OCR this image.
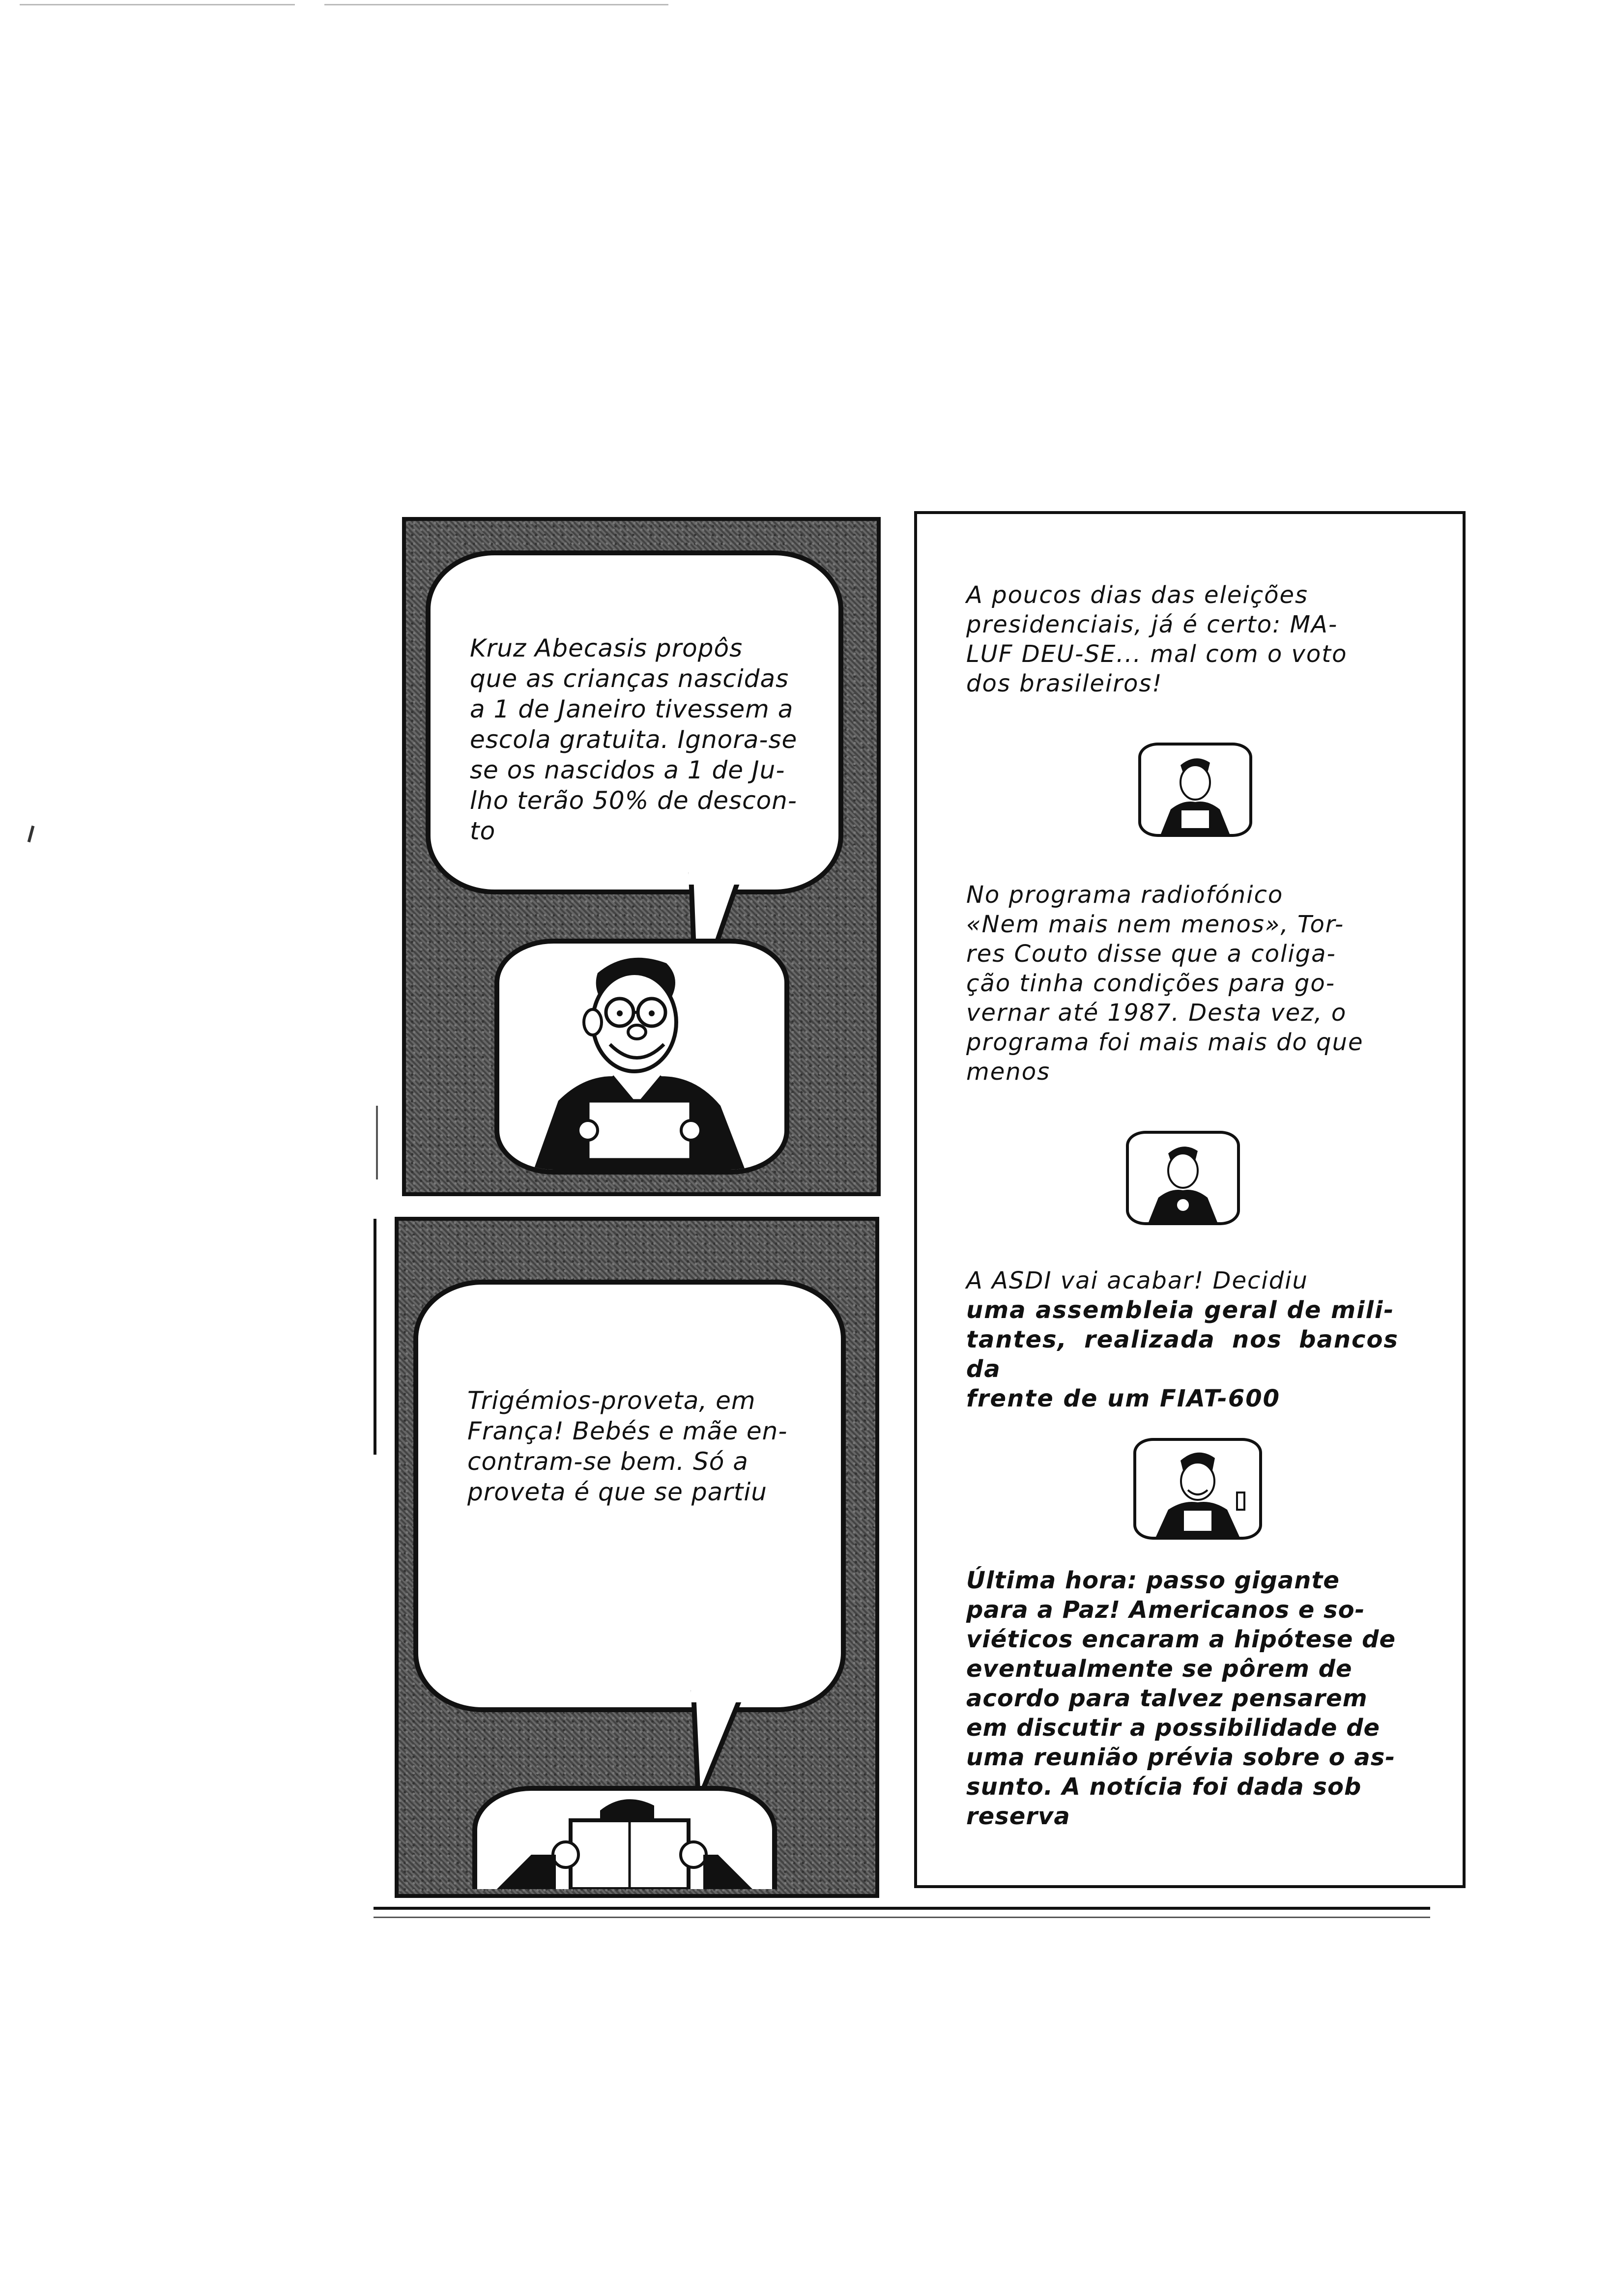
Kruz Abecasis propôs
que as crianças nascidas
a 1 de Janeiro tivessem a
escola gratuita. Ignora-se
se os nascidos a 1 de Ju-
lho terão 50% de descon-
to
Trigémios-proveta, em
França! Bebés e mãe en-
contram-se bem. Só a
proveta é que se partiu
A poucos dias das eleições
presidenciais, já é certo: MA-
LUF DEU-SE... mal com o voto
dos brasileiros!
No programa radiofónico
«Nem mais nem menos», Tor-
res Couto disse que a coliga-
ção tinha condições para go-
vernar até 1987. Desta vez, o
programa foi mais mais do que
menos
A ASDI vai acabar! Decidiu
uma assembleia geral de mili-
tantes, realizada nos bancos da
frente de um FIAT-600
Última hora: passo gigante
para a Paz! Americanos e so-
viéticos encaram a hipótese de
eventualmente se pôrem de
acordo para talvez pensarem
em discutir a possibilidade de
uma reunião prévia sobre o as-
sunto. A notícia foi dada sob
reserva
